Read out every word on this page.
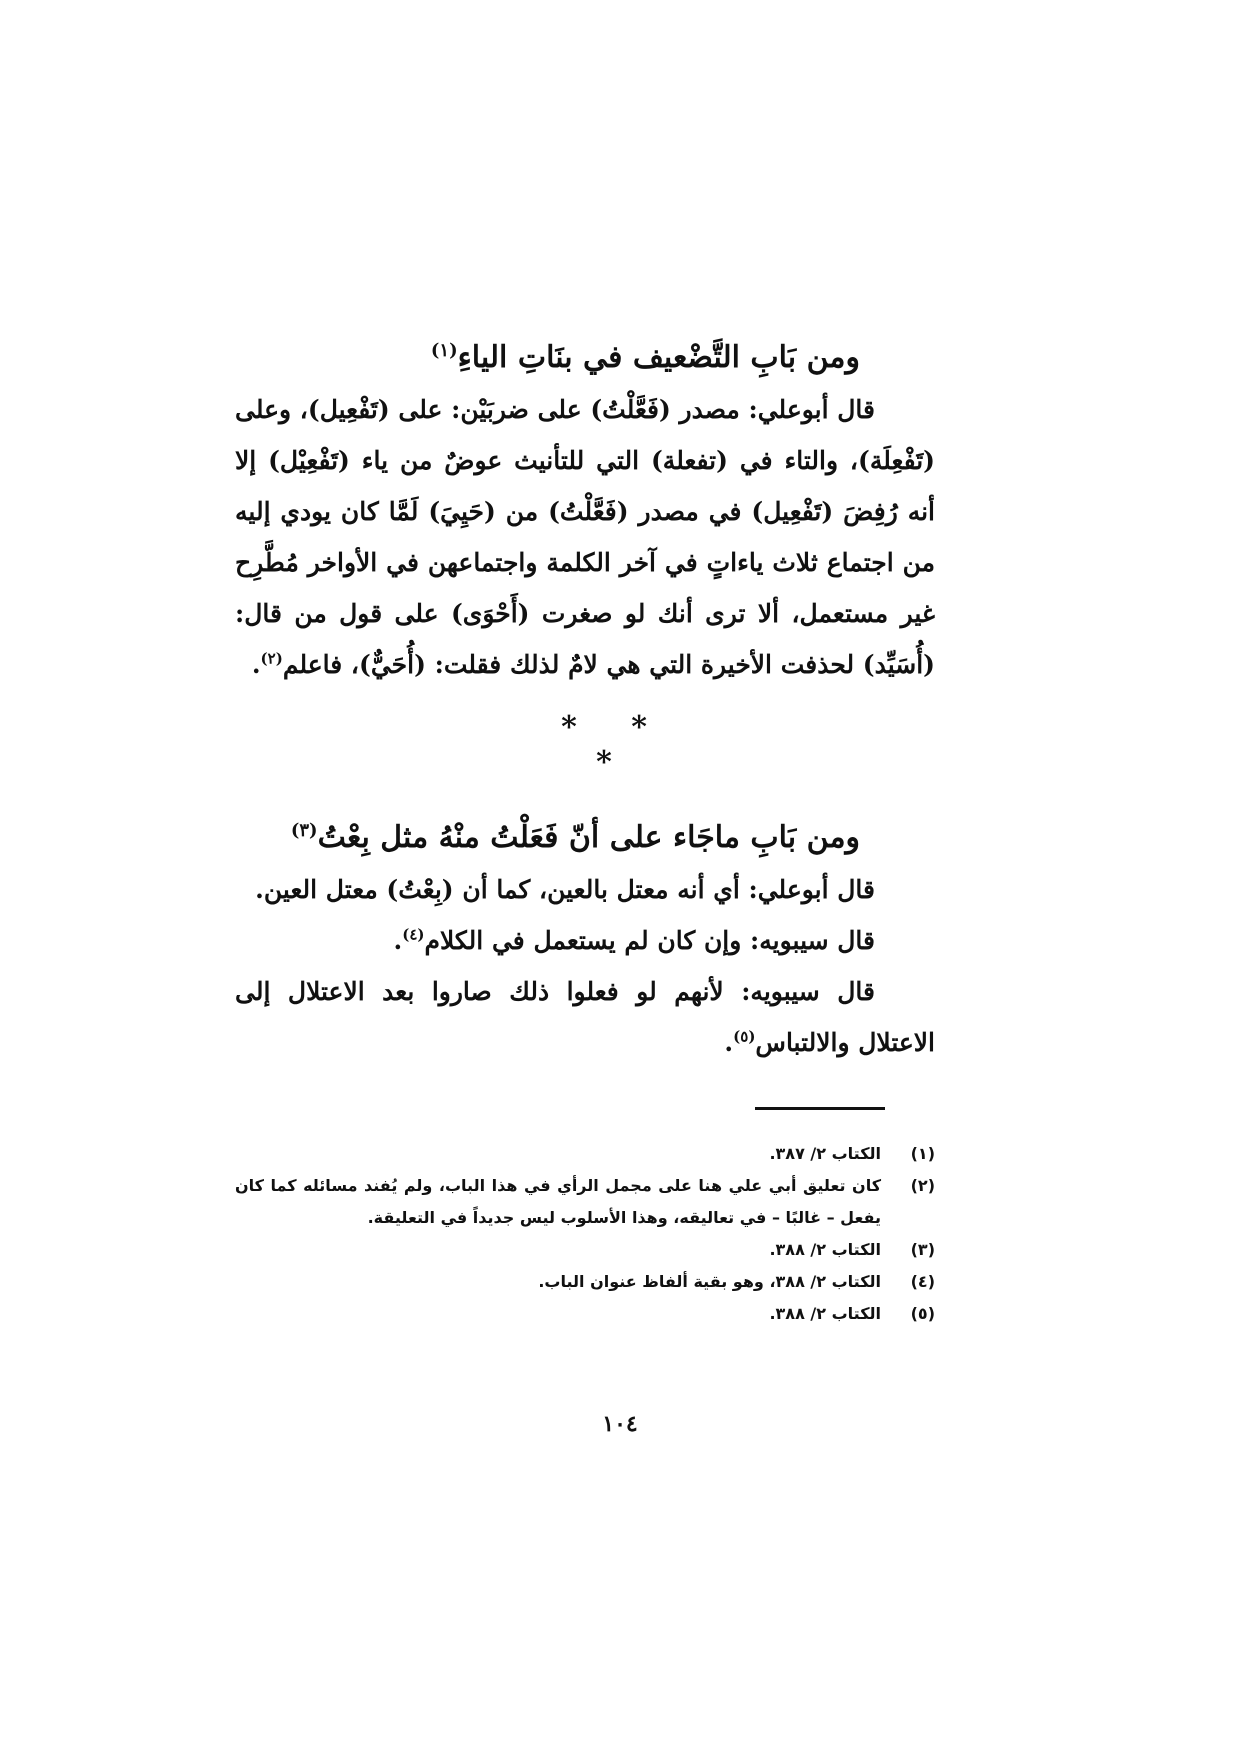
ومن بَابِ التَّضْعيف في بنَاتِ الياءِ$^{(١)}$

قال أبوعلي: مصدر (فَعَّلْتُ) على ضربَيْن: على (تَفْعِيل)، وعلى (تَفْعِلَة)، والتاء في (تفعلة) التي للتأنيث عوضٌ من ياء (تَفْعِيْل) إلا أنه رُفِضَ (تَفْعِيل) في مصدر (فَعَّلْتُ) من (حَيِيَ) لَمَّا كان يودي إليه من اجتماع ثلاث ياءاتٍ في آخر الكلمة واجتماعهن في الأواخر مُطَّرِح غير مستعمل، ألا ترى أنك لو صغرت (أَحْوَى) على قول من قال: (أُسَيِّد) لحذفت الأخيرة التي هي لامٌ لذلك فقلت: (أُحَيٌّ)، فاعلم$^{(٢)}$.

* * *
ومن بَابِ ماجَاء على أنّ فَعَلْتُ منْهُ مثل بِعْتُ$^{(٣)}$

قال أبوعلي: أي أنه معتل بالعين، كما أن (بِعْتُ) معتل العين.

قال سيبويه: وإن كان لم يستعمل في الكلام$^{(٤)}$.

قال سيبويه: لأنهم لو فعلوا ذلك صاروا بعد الاعتلال إلى الاعتلال والالتباس$^{(٥)}$.

(١)
الكتاب ٢/ ٣٨٧.
(٢)
كان تعليق أبي علي هنا على مجمل الرأي في هذا الباب، ولم يُفند مسائله كما كان يفعل – غالبًا – في تعاليقه، وهذا الأسلوب ليس جديداً في التعليقة.
(٣)
الكتاب ٢/ ٣٨٨.
(٤)
الكتاب ٢/ ٣٨٨، وهو بقية ألفاظ عنوان الباب.
(٥)
الكتاب ٢/ ٣٨٨.
١٠٤
